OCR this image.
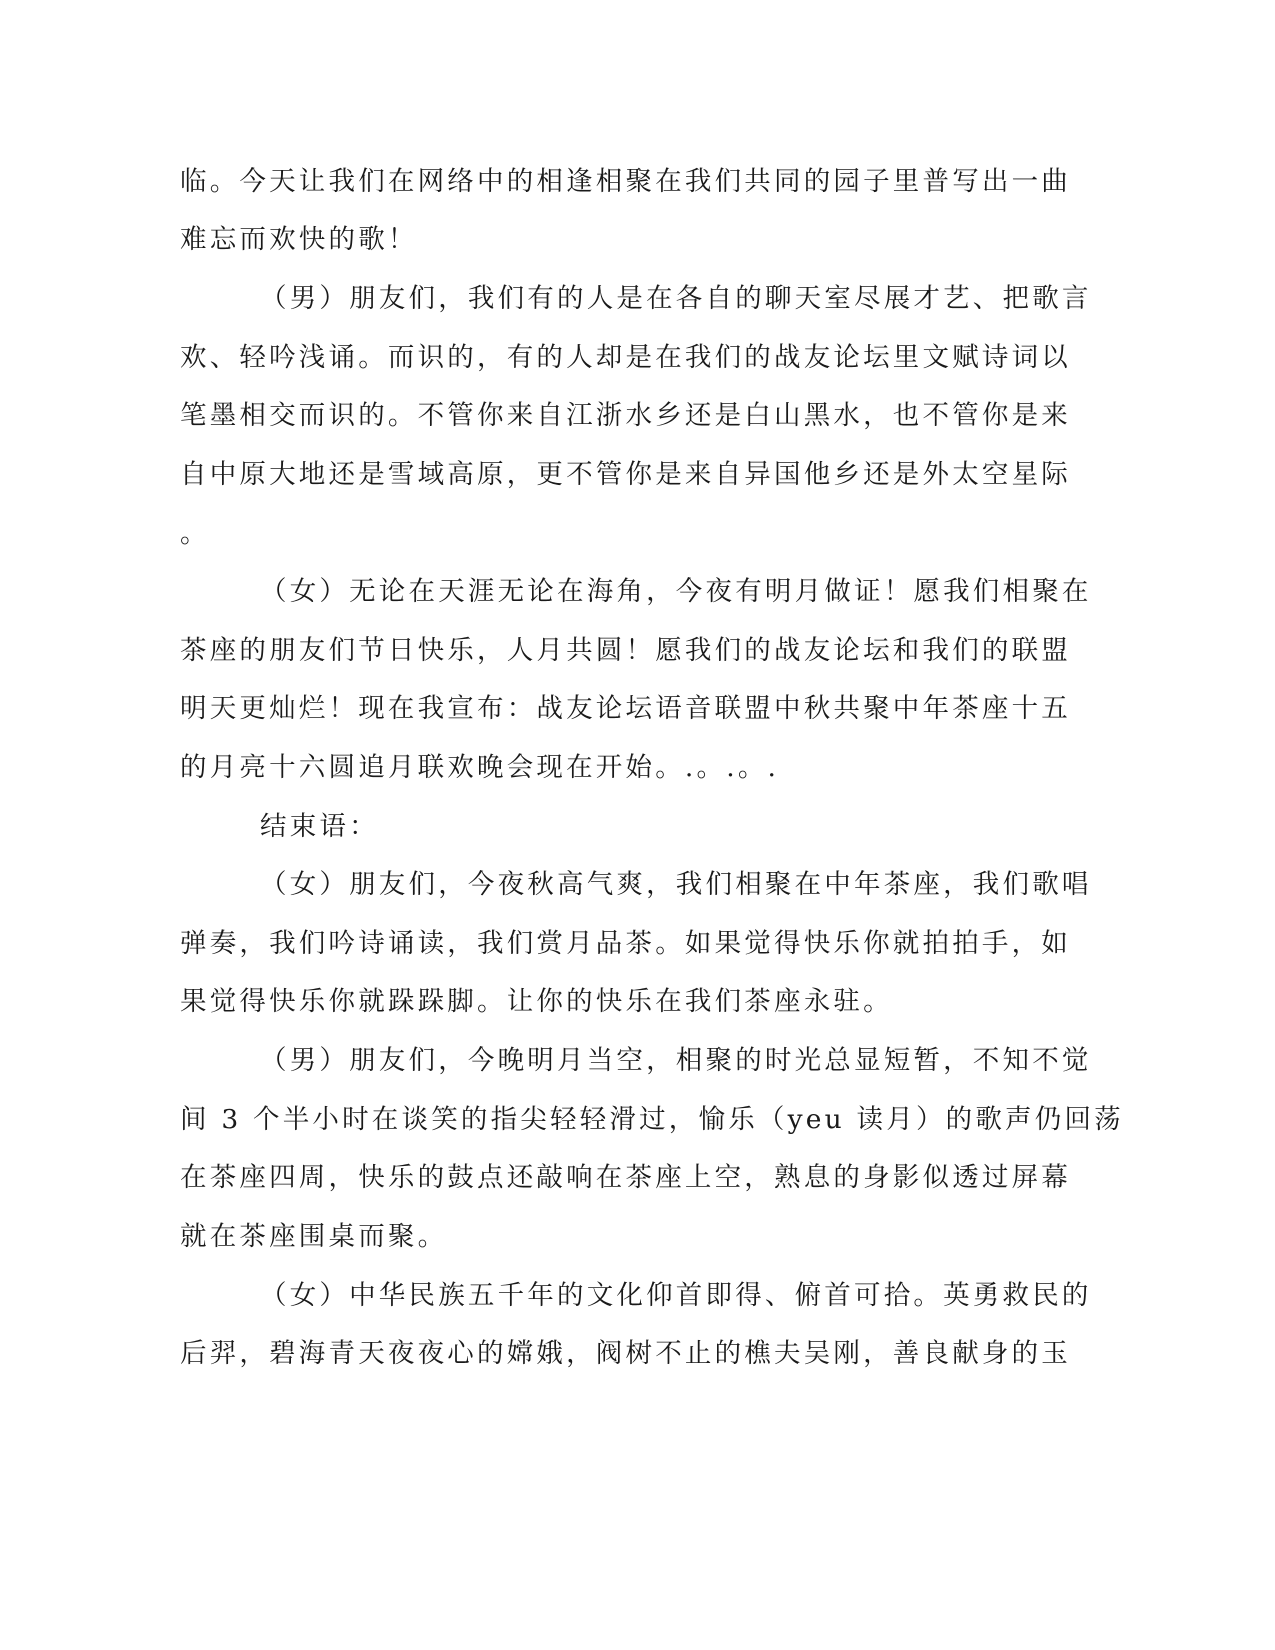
临。今天让我们在网络中的相逢相聚在我们共同的园子里普写出一曲
难忘而欢快的歌！
（男）朋友们，我们有的人是在各自的聊天室尽展才艺、把歌言
欢、轻吟浅诵。而识的，有的人却是在我们的战友论坛里文赋诗词以
笔墨相交而识的。不管你来自江浙水乡还是白山黑水，也不管你是来
自中原大地还是雪域高原，更不管你是来自异国他乡还是外太空星际
。
（女）无论在天涯无论在海角，今夜有明月做证！愿我们相聚在
茶座的朋友们节日快乐，人月共圆！愿我们的战友论坛和我们的联盟
明天更灿烂！现在我宣布：战友论坛语音联盟中秋共聚中年茶座十五
的月亮十六圆追月联欢晚会现在开始。.。.。.
结束语：
（女）朋友们，今夜秋高气爽，我们相聚在中年茶座，我们歌唱
弹奏，我们吟诗诵读，我们赏月品茶。如果觉得快乐你就拍拍手，如
果觉得快乐你就跺跺脚。让你的快乐在我们茶座永驻。
（男）朋友们，今晚明月当空，相聚的时光总显短暂，不知不觉
间 3 个半小时在谈笑的指尖轻轻滑过，愉乐（yeu 读月）的歌声仍回荡
在茶座四周，快乐的鼓点还敲响在茶座上空，熟息的身影似透过屏幕
就在茶座围桌而聚。
（女）中华民族五千年的文化仰首即得、俯首可拾。英勇救民的
后羿，碧海青天夜夜心的嫦娥，阀树不止的樵夫吴刚，善良献身的玉
